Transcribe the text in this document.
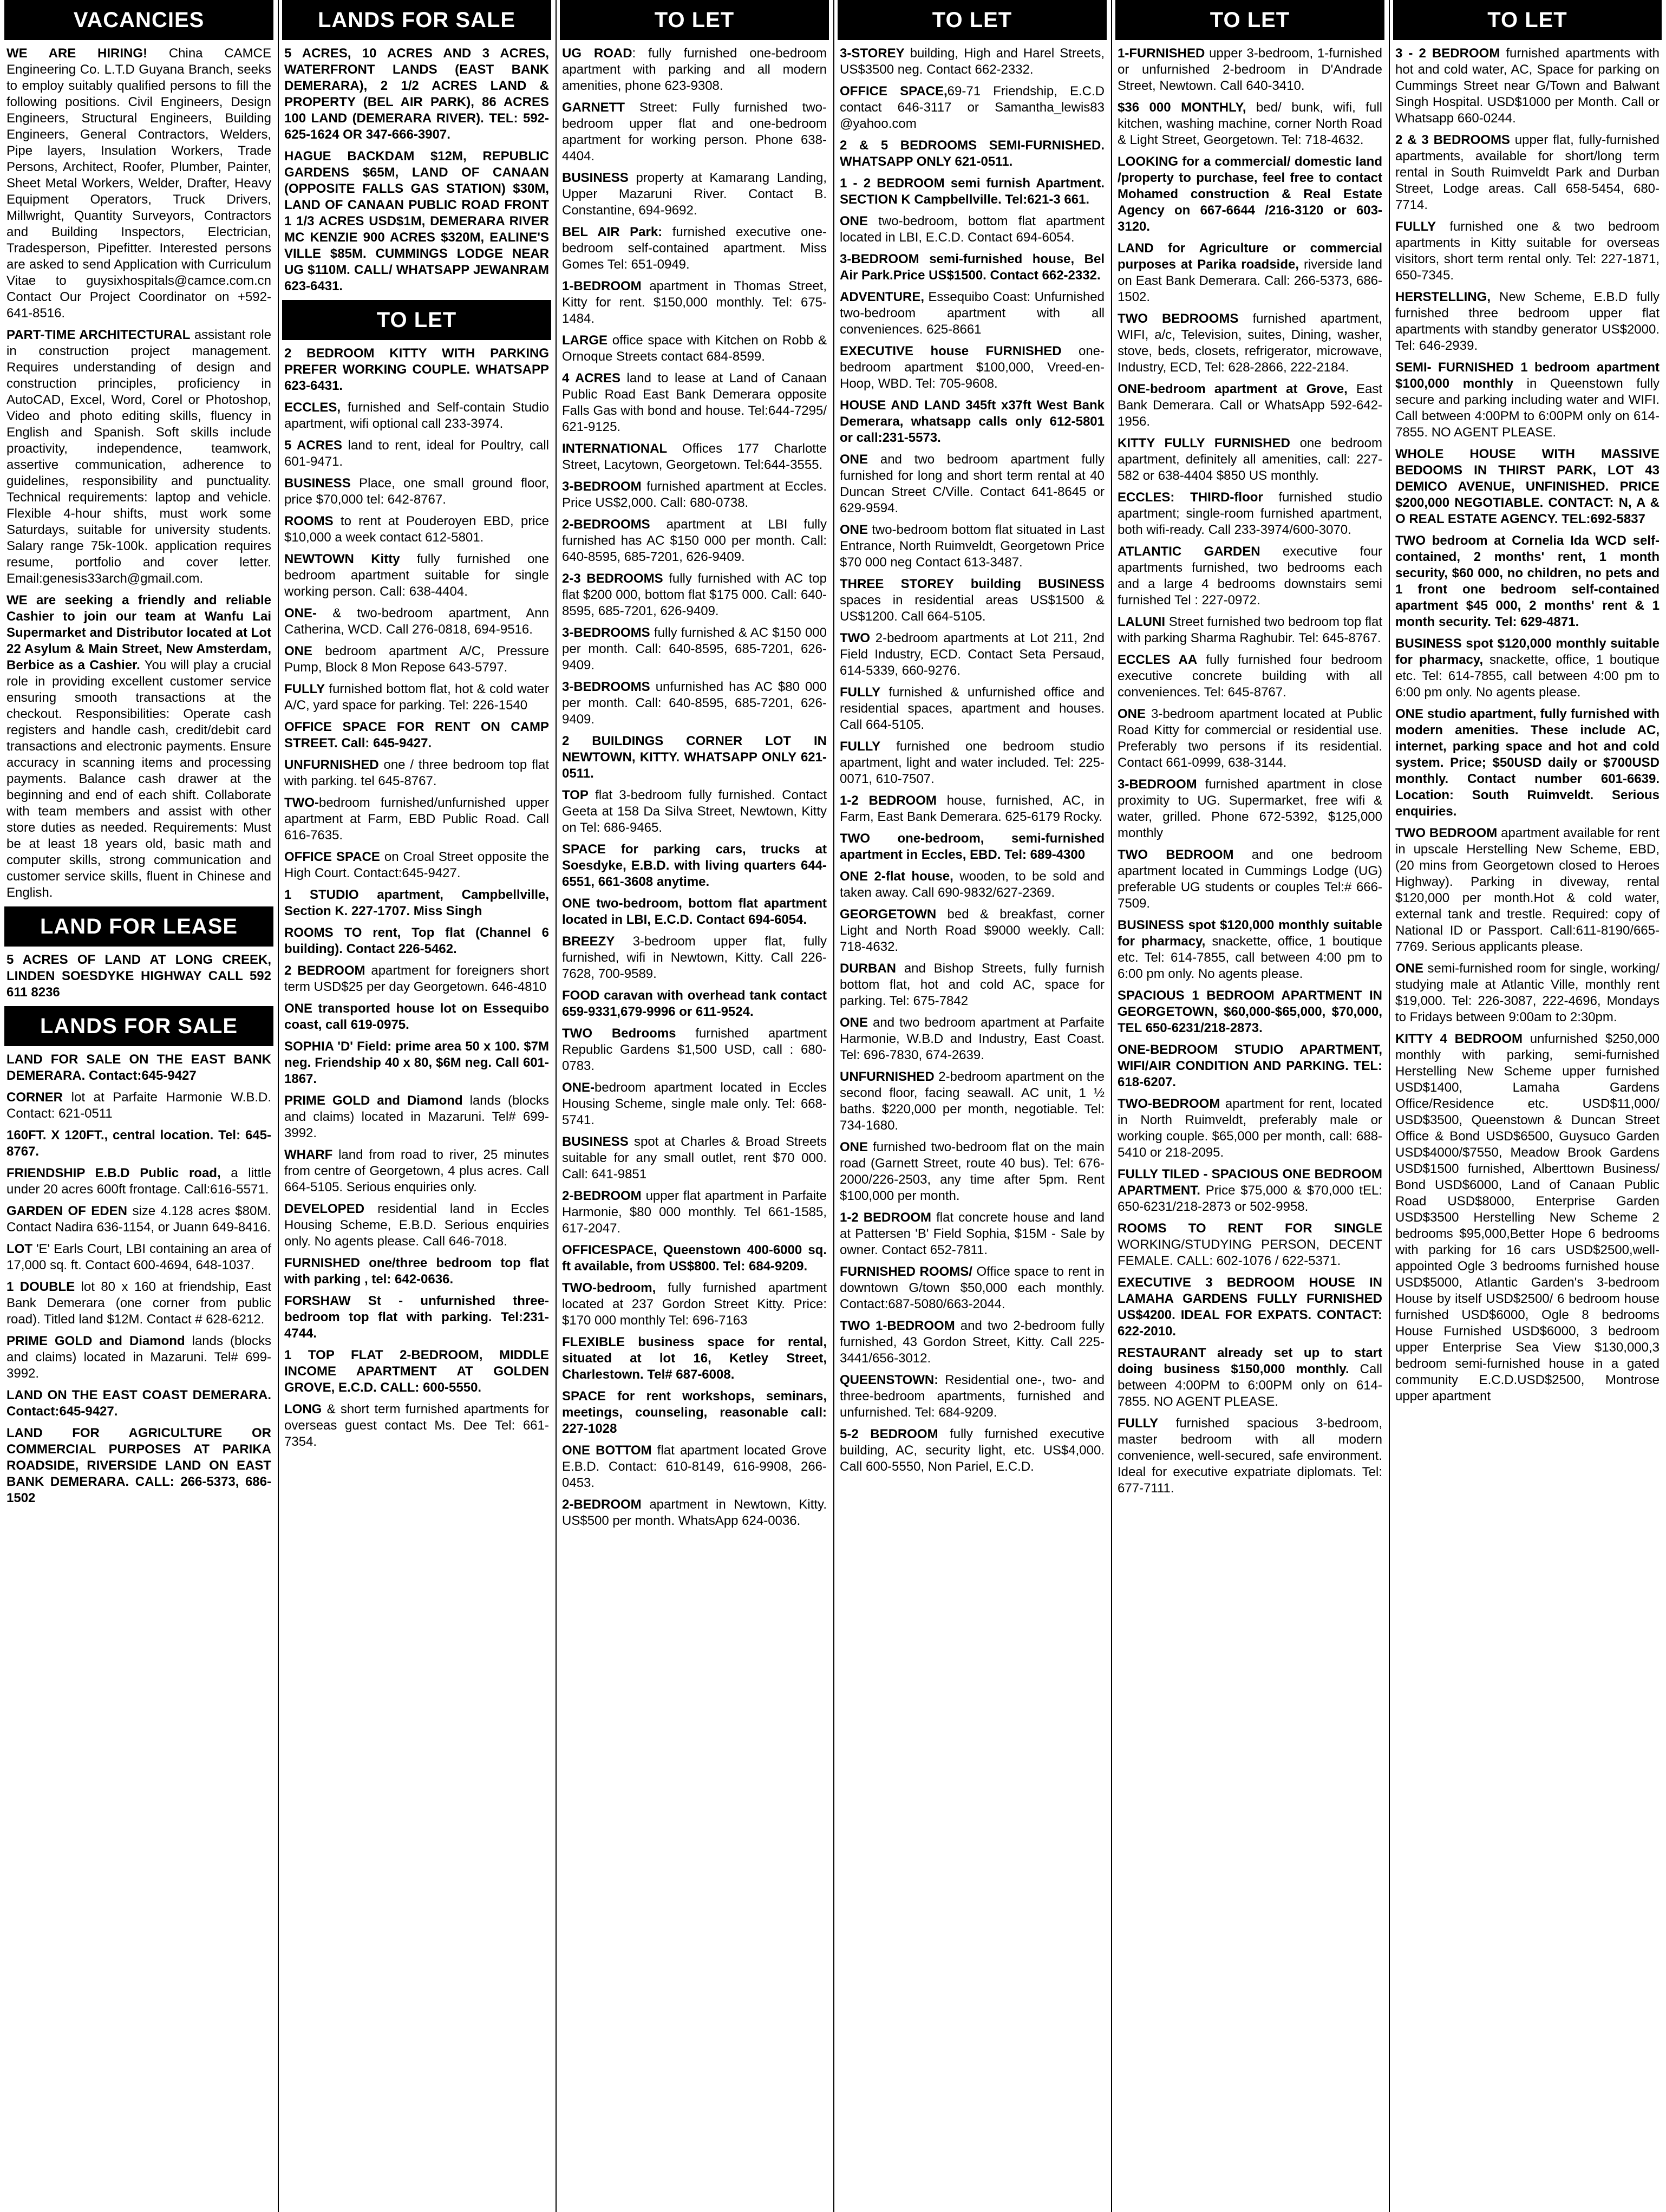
VACANCIES
WE ARE HIRING! China CAMCE Engineering Co. L.T.D Guyana Branch, seeks to employ suitably qualified persons to fill the following positions. Civil Engineers, Design Engineers, Structural Engineers, Building Engineers, General Contractors, Welders, Pipe layers, Insulation Workers, Trade Persons, Architect, Roofer, Plumber, Painter, Sheet Metal Workers, Welder, Drafter, Heavy Equipment Operators, Truck Drivers, Millwright, Quantity Surveyors, Contractors and Building Inspectors, Electrician, Tradesperson, Pipefitter. Interested persons are asked to send Application with Curriculum Vitae to guysixhospitals@camce.com.cn Contact Our Project Coordinator on +592-641-8516.
PART-TIME ARCHITECTURAL assistant role in construction project management. Requires understanding of design and construction principles, proficiency in AutoCAD, Excel, Word, Corel or Photoshop, Video and photo editing skills, fluency in English and Spanish. Soft skills include proactivity, independence, teamwork, assertive communication, adherence to guidelines, responsibility and punctuality. Technical requirements: laptop and vehicle. Flexible 4-hour shifts, must work some Saturdays, suitable for university students. Salary range 75k-100k. application requires resume, portfolio and cover letter. Email:genesis33arch@gmail.com.
WE are seeking a friendly and reliable Cashier to join our team at Wanfu Lai Supermarket and Distributor located at Lot 22 Asylum & Main Street, New Amsterdam, Berbice as a Cashier. You will play a crucial role in providing excellent customer service ensuring smooth transactions at the checkout. Responsibilities: Operate cash registers and handle cash, credit/debit card transactions and electronic payments. Ensure accuracy in scanning items and processing payments. Balance cash drawer at the beginning and end of each shift. Collaborate with team members and assist with other store duties as needed. Requirements: Must be at least 18 years old, basic math and computer skills, strong communication and customer service skills, fluent in Chinese and English.
LAND FOR LEASE
5 ACRES OF LAND AT LONG CREEK, LINDEN SOESDYKE HIGHWAY CALL 592 611 8236
LANDS FOR SALE
LAND FOR SALE ON THE EAST BANK DEMERARA. Contact:645-9427
CORNER lot at Parfaite Harmonie W.B.D. Contact: 621-0511
160FT. X 120FT., central location. Tel: 645-8767.
FRIENDSHIP E.B.D Public road, a little under 20 acres 600ft frontage. Call:616-5571.
GARDEN OF EDEN size 4.128 acres $80M. Contact Nadira 636-1154, or Juann 649-8416.
LOT 'E' Earls Court, LBI containing an area of 17,000 sq. ft. Contact 600-4694, 648-1037.
1 DOUBLE lot 80 x 160 at friendship, East Bank Demerara (one corner from public road). Titled land $12M. Contact # 628-6212.
PRIME GOLD and Diamond lands (blocks and claims) located in Mazaruni. Tel# 699-3992.
LAND ON THE EAST COAST DEMERARA. Contact:645-9427.
LAND FOR AGRICULTURE OR COMMERCIAL PURPOSES AT PARIKA ROADSIDE, RIVERSIDE LAND ON EAST BANK DEMERARA. CALL: 266-5373, 686-1502
LANDS FOR SALE
5 ACRES, 10 ACRES AND 3 ACRES, WATERFRONT LANDS (EAST BANK DEMERARA), 2 1/2 ACRES LAND & PROPERTY (BEL AIR PARK), 86 ACRES 100 LAND (DEMERARA RIVER). TEL: 592-625-1624 OR 347-666-3907.
HAGUE BACKDAM $12M, REPUBLIC GARDENS $65M, LAND OF CANAAN (OPPOSITE FALLS GAS STATION) $30M, LAND OF CANAAN PUBLIC ROAD FRONT 1 1/3 ACRES USD$1M, DEMERARA RIVER MC KENZIE 900 ACRES $320M, EALINE'S VILLE $85M. CUMMINGS LODGE NEAR UG $110M. CALL/ WHATSAPP JEWANRAM 623-6431.
TO LET
2 BEDROOM KITTY WITH PARKING PREFER WORKING COUPLE. WHATSAPP 623-6431.
ECCLES, furnished and Self-contain Studio apartment, wifi optional call 233-3974.
5 ACRES land to rent, ideal for Poultry, call 601-9471.
BUSINESS Place, one small ground floor, price $70,000 tel: 642-8767.
ROOMS to rent at Pouderoyen EBD, price $10,000 a week contact 612-5801.
NEWTOWN Kitty fully furnished one bedroom apartment suitable for single working person. Call: 638-4404.
ONE- & two-bedroom apartment, Ann Catherina, WCD. Call 276-0818, 694-9516.
ONE bedroom apartment A/C, Pressure Pump, Block 8 Mon Repose 643-5797.
FULLY furnished bottom flat, hot & cold water A/C, yard space for parking. Tel: 226-1540
OFFICE SPACE FOR RENT ON CAMP STREET. Call: 645-9427.
UNFURNISHED one / three bedroom top flat with parking. tel 645-8767.
TWO-bedroom furnished/unfurnished upper apartment at Farm, EBD Public Road. Call 616-7635.
OFFICE SPACE on Croal Street opposite the High Court. Contact:645-9427.
1 STUDIO apartment, Campbellville, Section K. 227-1707. Miss Singh
ROOMS TO rent, Top flat (Channel 6 building). Contact 226-5462.
2 BEDROOM apartment for foreigners short term USD$25 per day Georgetown. 646-4810
ONE transported house lot on Essequibo coast, call 619-0975.
SOPHIA 'D' Field: prime area 50 x 100. $7M neg. Friendship 40 x 80, $6M neg. Call 601-1867.
PRIME GOLD and Diamond lands (blocks and claims) located in Mazaruni. Tel# 699-3992.
WHARF land from road to river, 25 minutes from centre of Georgetown, 4 plus acres. Call 664-5105. Serious enquiries only.
DEVELOPED residential land in Eccles Housing Scheme, E.B.D. Serious enquiries only. No agents please. Call 646-7018.
FURNISHED one/three bedroom top flat with parking , tel: 642-0636.
FORSHAW St - unfurnished three-bedroom top flat with parking. Tel:231-4744.
1 TOP FLAT 2-BEDROOM, MIDDLE INCOME APARTMENT AT GOLDEN GROVE, E.C.D. CALL: 600-5550.
LONG & short term furnished apartments for overseas guest contact Ms. Dee Tel: 661-7354.
TO LET
UG ROAD: fully furnished one-bedroom apartment with parking and all modern amenities, phone 623-9308.
GARNETT Street: Fully furnished two-bedroom upper flat and one-bedroom apartment for working person. Phone 638-4404.
BUSINESS property at Kamarang Landing, Upper Mazaruni River. Contact B. Constantine, 694-9692.
BEL AIR Park: furnished executive one-bedroom self-contained apartment. Miss Gomes Tel: 651-0949.
1-BEDROOM apartment in Thomas Street, Kitty for rent. $150,000 monthly. Tel: 675-1484.
LARGE office space with Kitchen on Robb & Ornoque Streets contact 684-8599.
4 ACRES land to lease at Land of Canaan Public Road East Bank Demerara opposite Falls Gas with bond and house. Tel:644-7295/ 621-9125.
INTERNATIONAL Offices 177 Charlotte Street, Lacytown, Georgetown. Tel:644-3555.
3-BEDROOM furnished apartment at Eccles. Price US$2,000. Call: 680-0738.
2-BEDROOMS apartment at LBI fully furnished has AC $150 000 per month. Call: 640-8595, 685-7201, 626-9409.
2-3 BEDROOMS fully furnished with AC top flat $200 000, bottom flat $175 000. Call: 640-8595, 685-7201, 626-9409.
3-BEDROOMS fully furnished & AC $150 000 per month. Call: 640-8595, 685-7201, 626-9409.
3-BEDROOMS unfurnished has AC $80 000 per month. Call: 640-8595, 685-7201, 626-9409.
2 BUILDINGS CORNER LOT IN NEWTOWN, KITTY. WHATSAPP ONLY 621-0511.
TOP flat 3-bedroom fully furnished. Contact Geeta at 158 Da Silva Street, Newtown, Kitty on Tel: 686-9465.
SPACE for parking cars, trucks at Soesdyke, E.B.D. with living quarters 644-6551, 661-3608 anytime.
ONE two-bedroom, bottom flat apartment located in LBI, E.C.D. Contact 694-6054.
BREEZY 3-bedroom upper flat, fully furnished, wifi in Newtown, Kitty. Call 226-7628, 700-9589.
FOOD caravan with overhead tank contact 659-9331,679-9996 or 611-9524.
TWO Bedrooms furnished apartment Republic Gardens $1,500 USD, call : 680-0783.
ONE-bedroom apartment located in Eccles Housing Scheme, single male only. Tel: 668-5741.
BUSINESS spot at Charles & Broad Streets suitable for any small outlet, rent $70 000. Call: 641-9851
2-BEDROOM upper flat apartment in Parfaite Harmonie, $80 000 monthly. Tel 661-1585, 617-2047.
OFFICESPACE, Queenstown 400-6000 sq. ft available, from US$800. Tel: 684-9209.
TWO-bedroom, fully furnished apartment located at 237 Gordon Street Kitty. Price: $170 000 monthly Tel: 696-7163
FLEXIBLE business space for rental, situated at lot 16, Ketley Street, Charlestown. Tel# 687-6008.
SPACE for rent workshops, seminars, meetings, counseling, reasonable call: 227-1028
ONE BOTTOM flat apartment located Grove E.B.D. Contact: 610-8149, 616-9908, 266-0453.
2-BEDROOM apartment in Newtown, Kitty. US$500 per month. WhatsApp 624-0036.
TO LET
3-STOREY building, High and Harel Streets, US$3500 neg. Contact 662-2332.
OFFICE SPACE,69-71 Friendship, E.C.D contact 646-3117 or Samantha_lewis83 @yahoo.com
2 & 5 BEDROOMS SEMI-FURNISHED. WHATSAPP ONLY 621-0511.
1 - 2 BEDROOM semi furnish Apartment. SECTION K Campbellville. Tel:621-3 661.
ONE two-bedroom, bottom flat apartment located in LBI, E.C.D. Contact 694-6054.
3-BEDROOM semi-furnished house, Bel Air Park.Price US$1500. Contact 662-2332.
ADVENTURE, Essequibo Coast: Unfurnished two-bedroom apartment with all conveniences. 625-8661
EXECUTIVE house FURNISHED one-bedroom apartment $100,000, Vreed-en-Hoop, WBD. Tel: 705-9608.
HOUSE AND LAND 345ft x37ft West Bank Demerara, whatsapp calls only 612-5801 or call:231-5573.
ONE and two bedroom apartment fully furnished for long and short term rental at 40 Duncan Street C/Ville. Contact 641-8645 or 629-9594.
ONE two-bedroom bottom flat situated in Last Entrance, North Ruimveldt, Georgetown Price $70 000 neg Contact 613-3487.
THREE STOREY building BUSINESS spaces in residential areas US$1500 & US$1200. Call 664-5105.
TWO 2-bedroom apartments at Lot 211, 2nd Field Industry, ECD. Contact Seta Persaud, 614-5339, 660-9276.
FULLY furnished & unfurnished office and residential spaces, apartment and houses. Call 664-5105.
FULLY furnished one bedroom studio apartment, light and water included. Tel: 225-0071, 610-7507.
1-2 BEDROOM house, furnished, AC, in Farm, East Bank Demerara. 625-6179 Rocky.
TWO one-bedroom, semi-furnished apartment in Eccles, EBD. Tel: 689-4300
ONE 2-flat house, wooden, to be sold and taken away. Call 690-9832/627-2369.
GEORGETOWN bed & breakfast, corner Light and North Road $9000 weekly. Call: 718-4632.
DURBAN and Bishop Streets, fully furnish bottom flat, hot and cold AC, space for parking. Tel: 675-7842
ONE and two bedroom apartment at Parfaite Harmonie, W.B.D and Industry, East Coast. Tel: 696-7830, 674-2639.
UNFURNISHED 2-bedroom apartment on the second floor, facing seawall. AC unit, 1 ½ baths. $220,000 per month, negotiable. Tel: 734-1680.
ONE furnished two-bedroom flat on the main road (Garnett Street, route 40 bus). Tel: 676-2000/226-2503, any time after 5pm. Rent $100,000 per month.
1-2 BEDROOM flat concrete house and land at Pattersen 'B' Field Sophia, $15M - Sale by owner. Contact 652-7811.
FURNISHED ROOMS/ Office space to rent in downtown G/town $50,000 each monthly. Contact:687-5080/663-2044.
TWO 1-BEDROOM and two 2-bedroom fully furnished, 43 Gordon Street, Kitty. Call 225- 3441/656-3012.
QUEENSTOWN: Residential one-, two- and three-bedroom apartments, furnished and unfurnished. Tel: 684-9209.
5-2 BEDROOM fully furnished executive building, AC, security light, etc. US$4,000. Call 600-5550, Non Pariel, E.C.D.
TO LET
1-FURNISHED upper 3-bedroom, 1-furnished or unfurnished 2-bedroom in D'Andrade Street, Newtown. Call 640-3410.
$36 000 MONTHLY, bed/ bunk, wifi, full kitchen, washing machine, corner North Road & Light Street, Georgetown. Tel: 718-4632.
LOOKING for a commercial/ domestic land /property to purchase, feel free to contact Mohamed construction & Real Estate Agency on 667-6644 /216-3120 or 603-3120.
LAND for Agriculture or commercial purposes at Parika roadside, riverside land on East Bank Demerara. Call: 266-5373, 686-1502.
TWO BEDROOMS furnished apartment, WIFI, a/c, Television, suites, Dining, washer, stove, beds, closets, refrigerator, microwave, Industry, ECD, Tel: 628-2866, 222-2184.
ONE-bedroom apartment at Grove, East Bank Demerara. Call or WhatsApp 592-642-1956.
KITTY FULLY FURNISHED one bedroom apartment, definitely all amenities, call: 227-582 or 638-4404 $850 US monthly.
ECCLES: THIRD-floor furnished studio apartment; single-room furnished apartment, both wifi-ready. Call 233-3974/600-3070.
ATLANTIC GARDEN executive four apartments furnished, two bedrooms each and a large 4 bedrooms downstairs semi furnished Tel : 227-0972.
LALUNI Street furnished two bedroom top flat with parking Sharma Raghubir. Tel: 645-8767.
ECCLES AA fully furnished four bedroom executive concrete building with all conveniences. Tel: 645-8767.
ONE 3-bedroom apartment located at Public Road Kitty for commercial or residential use. Preferably two persons if its residential. Contact 661-0999, 638-3144.
3-BEDROOM furnished apartment in close proximity to UG. Supermarket, free wifi & water, grilled. Phone 672-5392, $125,000 monthly
TWO BEDROOM and one bedroom apartment located in Cummings Lodge (UG) preferable UG students or couples Tel:# 666-7509.
BUSINESS spot $120,000 monthly suitable for pharmacy, snackette, office, 1 boutique etc. Tel: 614-7855, call between 4:00 pm to 6:00 pm only. No agents please.
SPACIOUS 1 BEDROOM APARTMENT IN GEORGETOWN, $60,000-$65,000, $70,000, TEL 650-6231/218-2873.
ONE-BEDROOM STUDIO APARTMENT, WIFI/AIR CONDITION AND PARKING. TEL: 618-6207.
TWO-BEDROOM apartment for rent, located in North Ruimveldt, preferably male or working couple. $65,000 per month, call: 688-5410 or 218-2095.
FULLY TILED - SPACIOUS ONE BEDROOM APARTMENT. Price $75,000 & $70,000 tEL: 650-6231/218-2873 or 502-9958.
ROOMS TO RENT FOR SINGLE WORKING/STUDYING PERSON, DECENT FEMALE. CALL: 602-1076 / 622-5371.
EXECUTIVE 3 BEDROOM HOUSE IN LAMAHA GARDENS FULLY FURNISHED US$4200. IDEAL FOR EXPATS. CONTACT: 622-2010.
RESTAURANT already set up to start doing business $150,000 monthly. Call between 4:00PM to 6:00PM only on 614-7855. NO AGENT PLEASE.
FULLY furnished spacious 3-bedroom, master bedroom with all modern convenience, well-secured, safe environment. Ideal for executive expatriate diplomats. Tel: 677-7111.
TO LET
3 - 2 BEDROOM furnished apartments with hot and cold water, AC, Space for parking on Cummings Street near G/Town and Balwant Singh Hospital. USD$1000 per Month. Call or Whatsapp 660-0244.
2 & 3 BEDROOMS upper flat, fully-furnished apartments, available for short/long term rental in South Ruimveldt Park and Durban Street, Lodge areas. Call 658-5454, 680-7714.
FULLY furnished one & two bedroom apartments in Kitty suitable for overseas visitors, short term rental only. Tel: 227-1871, 650-7345.
HERSTELLING, New Scheme, E.B.D fully furnished three bedroom upper flat apartments with standby generator US$2000. Tel: 646-2939.
SEMI- FURNISHED 1 bedroom apartment $100,000 monthly in Queenstown fully secure and parking including water and WIFI. Call between 4:00PM to 6:00PM only on 614-7855. NO AGENT PLEASE.
WHOLE HOUSE WITH MASSIVE BEDOOMS IN THIRST PARK, LOT 43 DEMICO AVENUE, UNFINISHED. PRICE $200,000 NEGOTIABLE. CONTACT: N, A & O REAL ESTATE AGENCY. TEL:692-5837
TWO bedroom at Cornelia Ida WCD self-contained, 2 months' rent, 1 month security, $60 000, no children, no pets and 1 front one bedroom self-contained apartment $45 000, 2 months' rent & 1 month security. Tel: 629-4871.
BUSINESS spot $120,000 monthly suitable for pharmacy, snackette, office, 1 boutique etc. Tel: 614-7855, call between 4:00 pm to 6:00 pm only. No agents please.
ONE studio apartment, fully furnished with modern amenities. These include AC, internet, parking space and hot and cold system. Price; $50USD daily or $700USD monthly. Contact number 601-6639. Location: South Ruimveldt. Serious enquiries.
TWO BEDROOM apartment available for rent in upscale Herstelling New Scheme, EBD, (20 mins from Georgetown closed to Heroes Highway). Parking in diveway, rental $120,000 per month.Hot & cold water, external tank and trestle. Required: copy of National ID or Passport. Call:611-8190/665-7769. Serious applicants please.
ONE semi-furnished room for single, working/ studying male at Atlantic Ville, monthly rent $19,000. Tel: 226-3087, 222-4696, Mondays to Fridays between 9:00am to 2:30pm.
KITTY 4 BEDROOM unfurnished $250,000 monthly with parking, semi-furnished Herstelling New Scheme upper furnished USD$1400, Lamaha Gardens Office/Residence etc. USD$11,000/ USD$3500, Queenstown & Duncan Street Office & Bond USD$6500, Guysuco Garden USD$4000/$7550, Meadow Brook Gardens USD$1500 furnished, Alberttown Business/ Bond USD$6000, Land of Canaan Public Road USD$8000, Enterprise Garden USD$3500 Herstelling New Scheme 2 bedrooms $95,000,Better Hope 6 bedrooms with parking for 16 cars USD$2500,well-appointed Ogle 3 bedrooms furnished house USD$5000, Atlantic Garden's 3-bedroom House by itself USD$2500/ 6 bedroom house furnished USD$6000, Ogle 8 bedrooms House Furnished USD$6000, 3 bedroom upper Enterprise Sea View $130,000,3 bedroom semi-furnished house in a gated community E.C.D.USD$2500, Montrose upper apartment
